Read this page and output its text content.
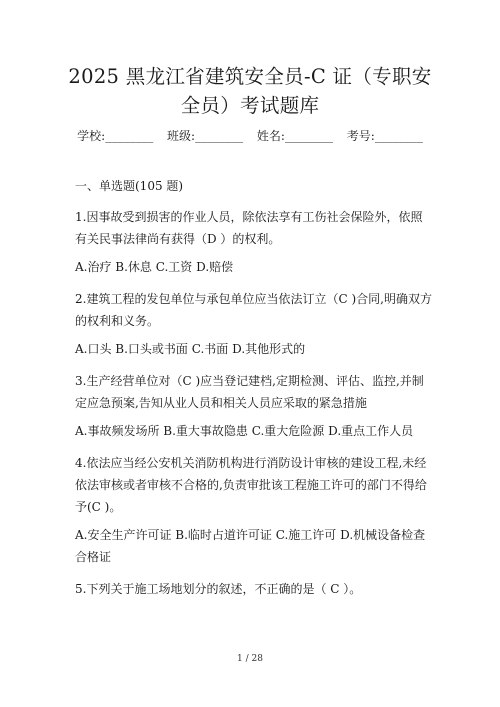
2025 黑龙江省建筑安全员-C 证（专职安全员）考试题库
学校:________ 班级:________ 姓名:________ 考号:________
一、单选题(105 题)
1.因事故受到损害的作业人员，除依法享有工伤社会保险外，依照有关民事法律尚有获得（D ）的权利。
A.治疗 B.休息 C.工资 D.赔偿
2.建筑工程的发包单位与承包单位应当依法订立（C )合同,明确双方的权利和义务。
A.口头 B.口头或书面 C.书面 D.其他形式的
3.生产经营单位对（C )应当登记建档,定期检测、评估、监控,并制定应急预案,告知从业人员和相关人员应采取的紧急措施
A.事故频发场所 B.重大事故隐患 C.重大危险源 D.重点工作人员
4.依法应当经公安机关消防机构进行消防设计审核的建设工程,未经依法审核或者审核不合格的,负责审批该工程施工许可的部门不得给予(C )。
A.安全生产许可证 B.临时占道许可证 C.施工许可 D.机械设备检查合格证
5.下列关于施工场地划分的叙述，不正确的是（ C ）。
1 / 28
